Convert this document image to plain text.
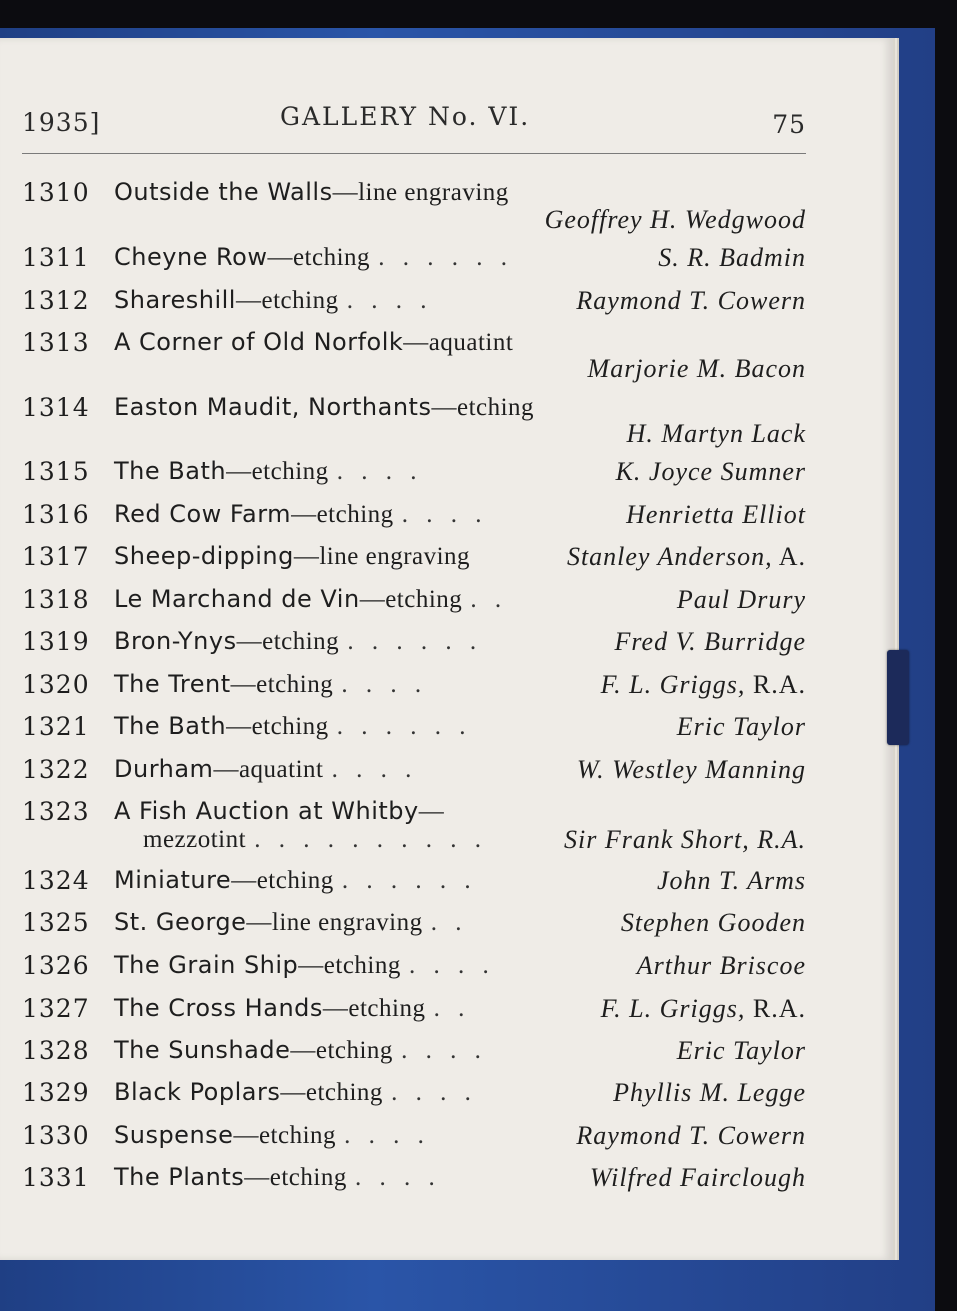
1935]	GALLERY No. VI.	75
1310 Outside the Walls—line engraving
Geoffrey H. Wedgwood
1311 Cheyne Row—etching . . . . . .	S. R. Badmin
1312 Shareshill—etching . . . .	Raymond T. Cowern
1313 A Corner of Old Norfolk—aquatint
Marjorie M. Bacon
1314 Easton Maudit, Northants—etching
H. Martyn Lack
1315 The Bath—etching . . . .	K. Joyce Sumner
1316 Red Cow Farm—etching . . . .	Henrietta Elliot
1317 Sheep-dipping—line engraving	Stanley Anderson, A.
1318 Le Marchand de Vin—etching . .	Paul Drury
1319 Bron-Ynys—etching . . . . . .	Fred V. Burridge
1320 The Trent—etching . . . .	F. L. Griggs, R.A.
1321 The Bath—etching . . . . . .	Eric Taylor
1322 Durham—aquatint . . . .	W. Westley Manning
1323 A Fish Auction at Whitby—
mezzotint . . . . . . . . . .	Sir Frank Short, R.A.
1324 Miniature—etching . . . . . .	John T. Arms
1325 St. George—line engraving . .	Stephen Gooden
1326 The Grain Ship—etching . . . .	Arthur Briscoe
1327 The Cross Hands—etching . .	F. L. Griggs, R.A.
1328 The Sunshade—etching . . . .	Eric Taylor
1329 Black Poplars—etching . . . .	Phyllis M. Legge
1330 Suspense—etching . . . .	Raymond T. Cowern
1331 The Plants—etching . . . .	Wilfred Fairclough
